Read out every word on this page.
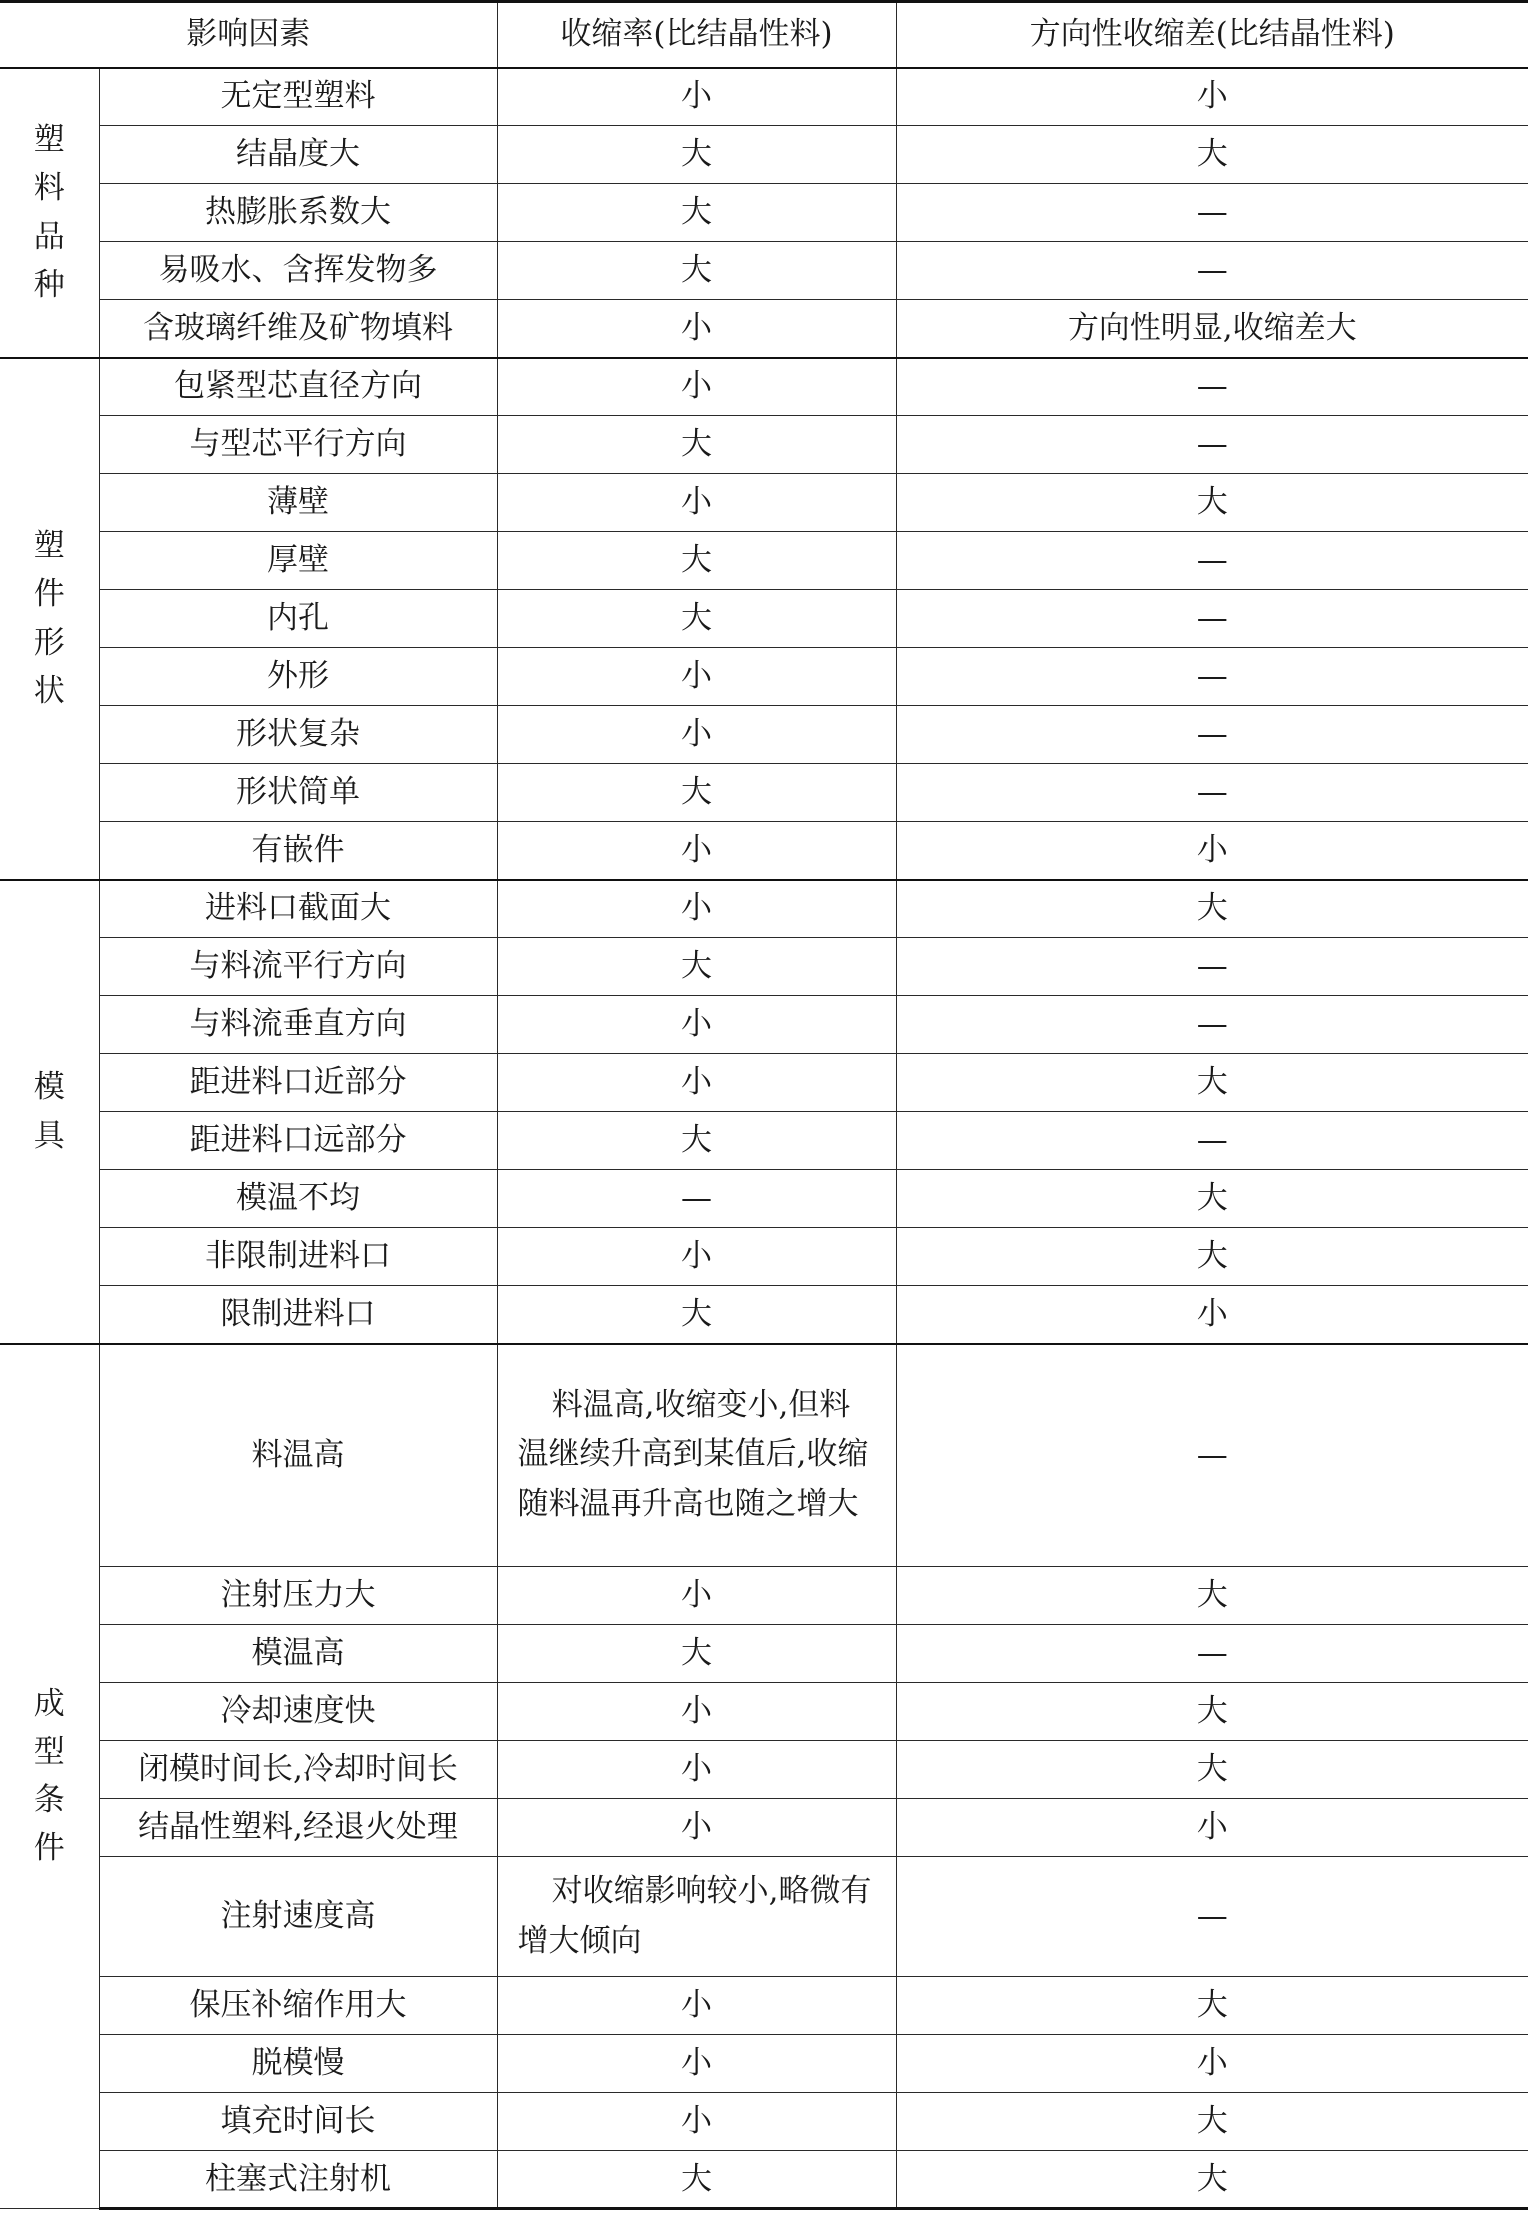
影响因素		收缩率(比结晶性料)	方向性收缩差(比结晶性料)
塑料品种	无定型塑料	小	小
	结晶度大	大	大
	热膨胀系数大	大	—
	易吸水、含挥发物多	大	—
	含玻璃纤维及矿物填料	小	方向性明显,收缩差大
塑件形状	包紧型芯直径方向	小	—
	与型芯平行方向	大	—
	薄壁	小	大
	厚壁	大	—
	内孔	大	—
	外形	小	—
	形状复杂	小	—
	形状简单	大	—
	有嵌件	小	小
模具	进料口截面大	小	大
	与料流平行方向	大	—
	与料流垂直方向	小	—
	距进料口近部分	小	大
	距进料口远部分	大	—
	模温不均	—	大
	非限制进料口	小	大
	限制进料口	大	小
成型条件	料温高	料温高,收缩变小,但料温继续升高到某值后,收缩随料温再升高也随之增大	—
	注射压力大	小	大
	模温高	大	—
	冷却速度快	小	大
	闭模时间长,冷却时间长	小	大
	结晶性塑料,经退火处理	小	小
	注射速度高	对收缩影响较小,略微有增大倾向	—
	保压补缩作用大	小	大
	脱模慢	小	小
	填充时间长	小	大
	柱塞式注射机	大	大
